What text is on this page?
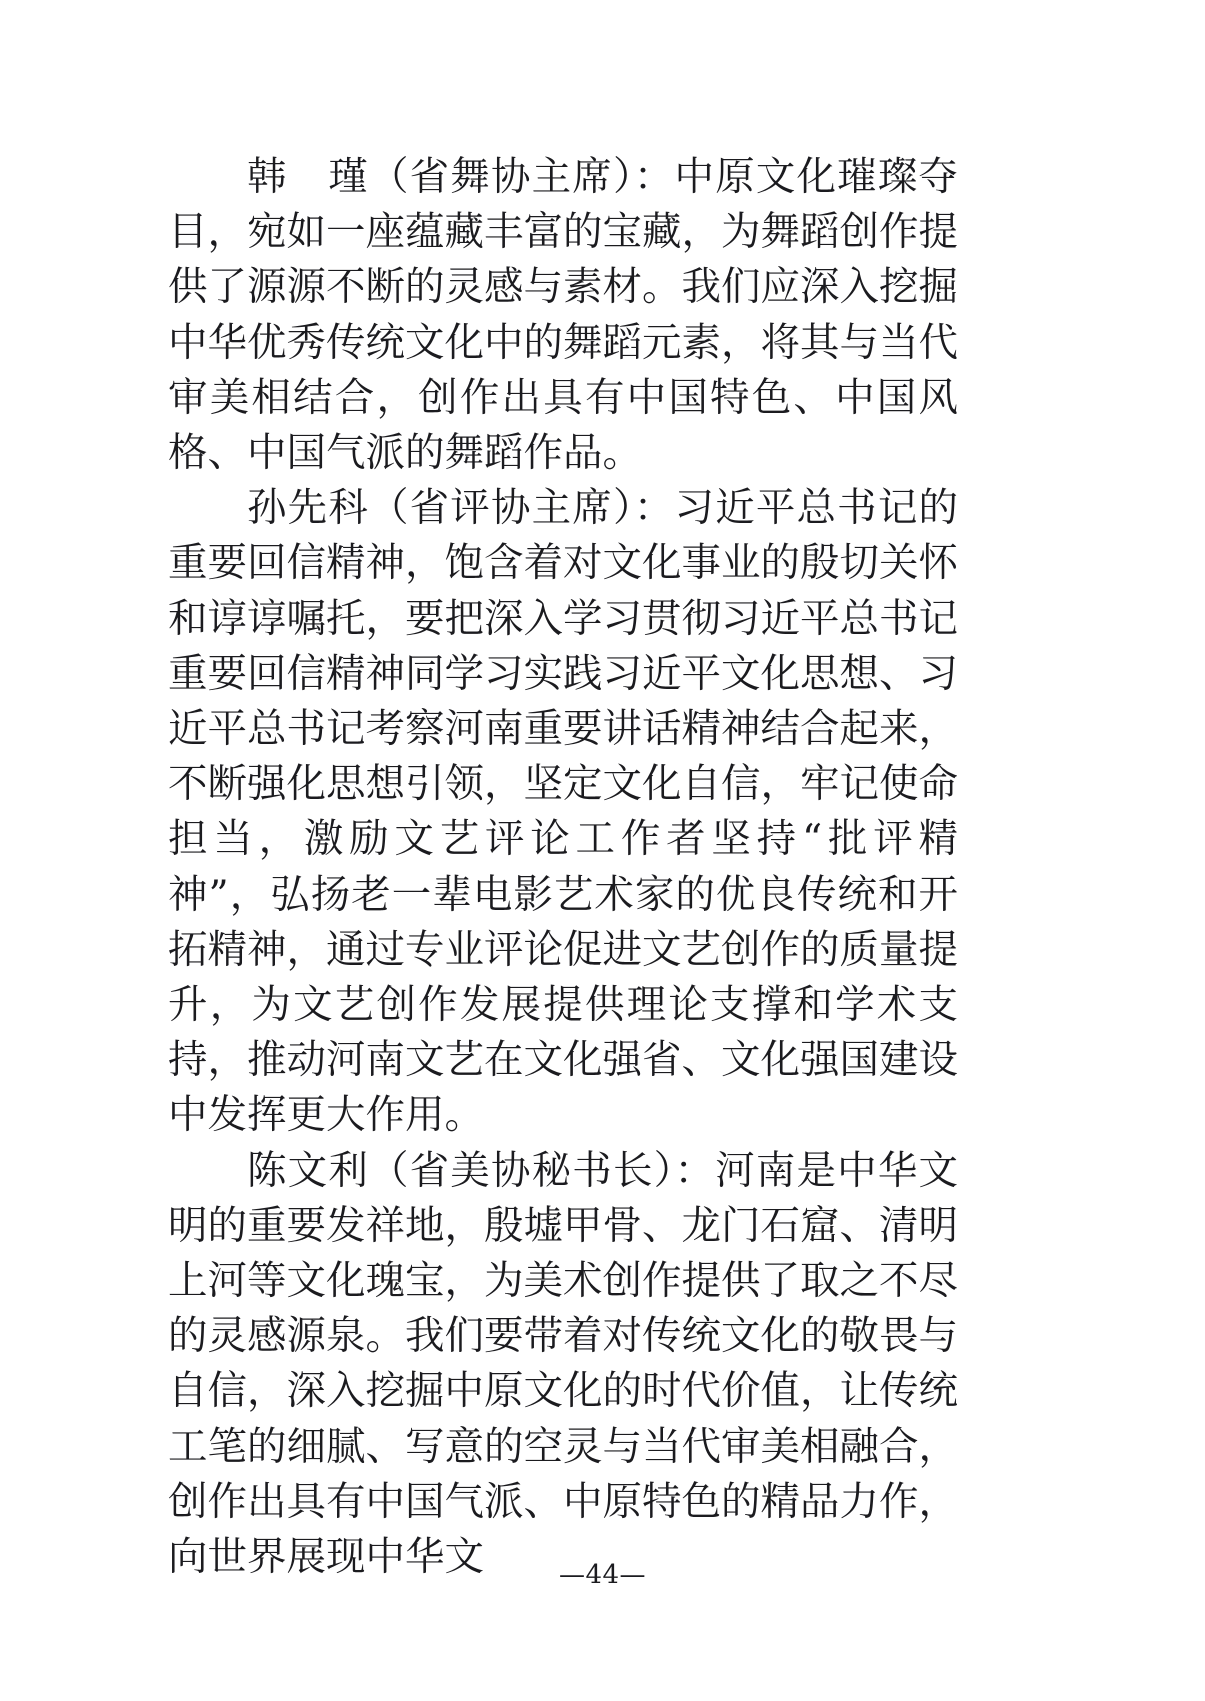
韩　瑾（省舞协主席）：中原文化璀璨夺目，宛如一座蕴藏丰富的宝藏，为舞蹈创作提供了源源不断的灵感与素材。我们应深入挖掘中华优秀传统文化中的舞蹈元素，将其与当代审美相结合，创作出具有中国特色、中国风格、中国气派的舞蹈作品。

孙先科（省评协主席）：习近平总书记的重要回信精神，饱含着对文化事业的殷切关怀和谆谆嘱托，要把深入学习贯彻习近平总书记重要回信精神同学习实践习近平文化思想、习近平总书记考察河南重要讲话精神结合起来，不断强化思想引领，坚定文化自信，牢记使命担当，激励文艺评论工作者坚持“批评精神”，弘扬老一辈电影艺术家的优良传统和开拓精神，通过专业评论促进文艺创作的质量提升，为文艺创作发展提供理论支撑和学术支持，推动河南文艺在文化强省、文化强国建设中发挥更大作用。

陈文利（省美协秘书长）：河南是中华文明的重要发祥地，殷墟甲骨、龙门石窟、清明上河等文化瑰宝，为美术创作提供了取之不尽的灵感源泉。我们要带着对传统文化的敬畏与自信，深入挖掘中原文化的时代价值，让传统工笔的细腻、写意的空灵与当代审美相融合，创作出具有中国气派、中原特色的精品力作，向世界展现中华文	—44—
